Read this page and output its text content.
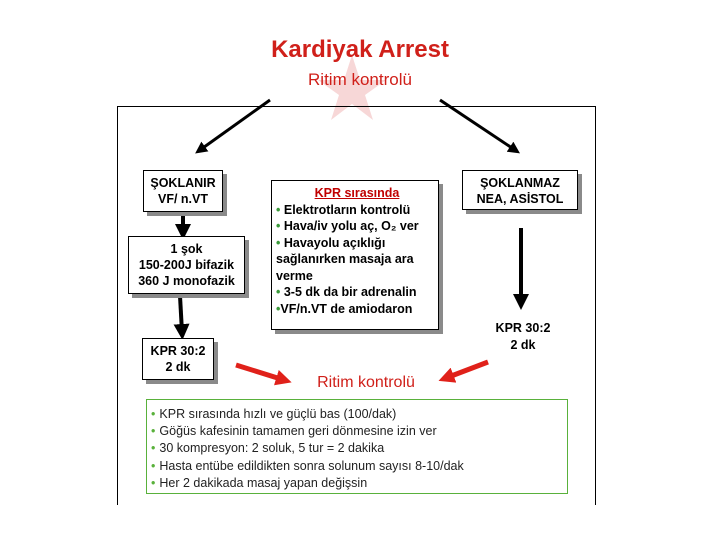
Kardiyak Arrest
Ritim kontrolü
ŞOKLANIR
VF/ n.VT
1 şok
150-200J bifazik
360 J monofazik
KPR 30:2
2 dk
KPR sırasında
• Elektrotların kontrolü
• Hava/iv yolu aç, O₂ ver
• Havayolu açıklığı sağlanırken masaja ara verme
• 3-5 dk da bir adrenalin
•VF/n.VT de amiodaron
ŞOKLANMAZ
NEA, ASİSTOL
KPR 30:2
2 dk
Ritim kontrolü
• KPR sırasında hızlı ve güçlü bas (100/dak)
• Göğüs kafesinin tamamen geri dönmesine izin ver
• 30 kompresyon: 2 soluk, 5 tur = 2 dakika
• Hasta entübe edildikten sonra solunum sayısı 8-10/dak
• Her 2 dakikada masaj yapan değişsin
